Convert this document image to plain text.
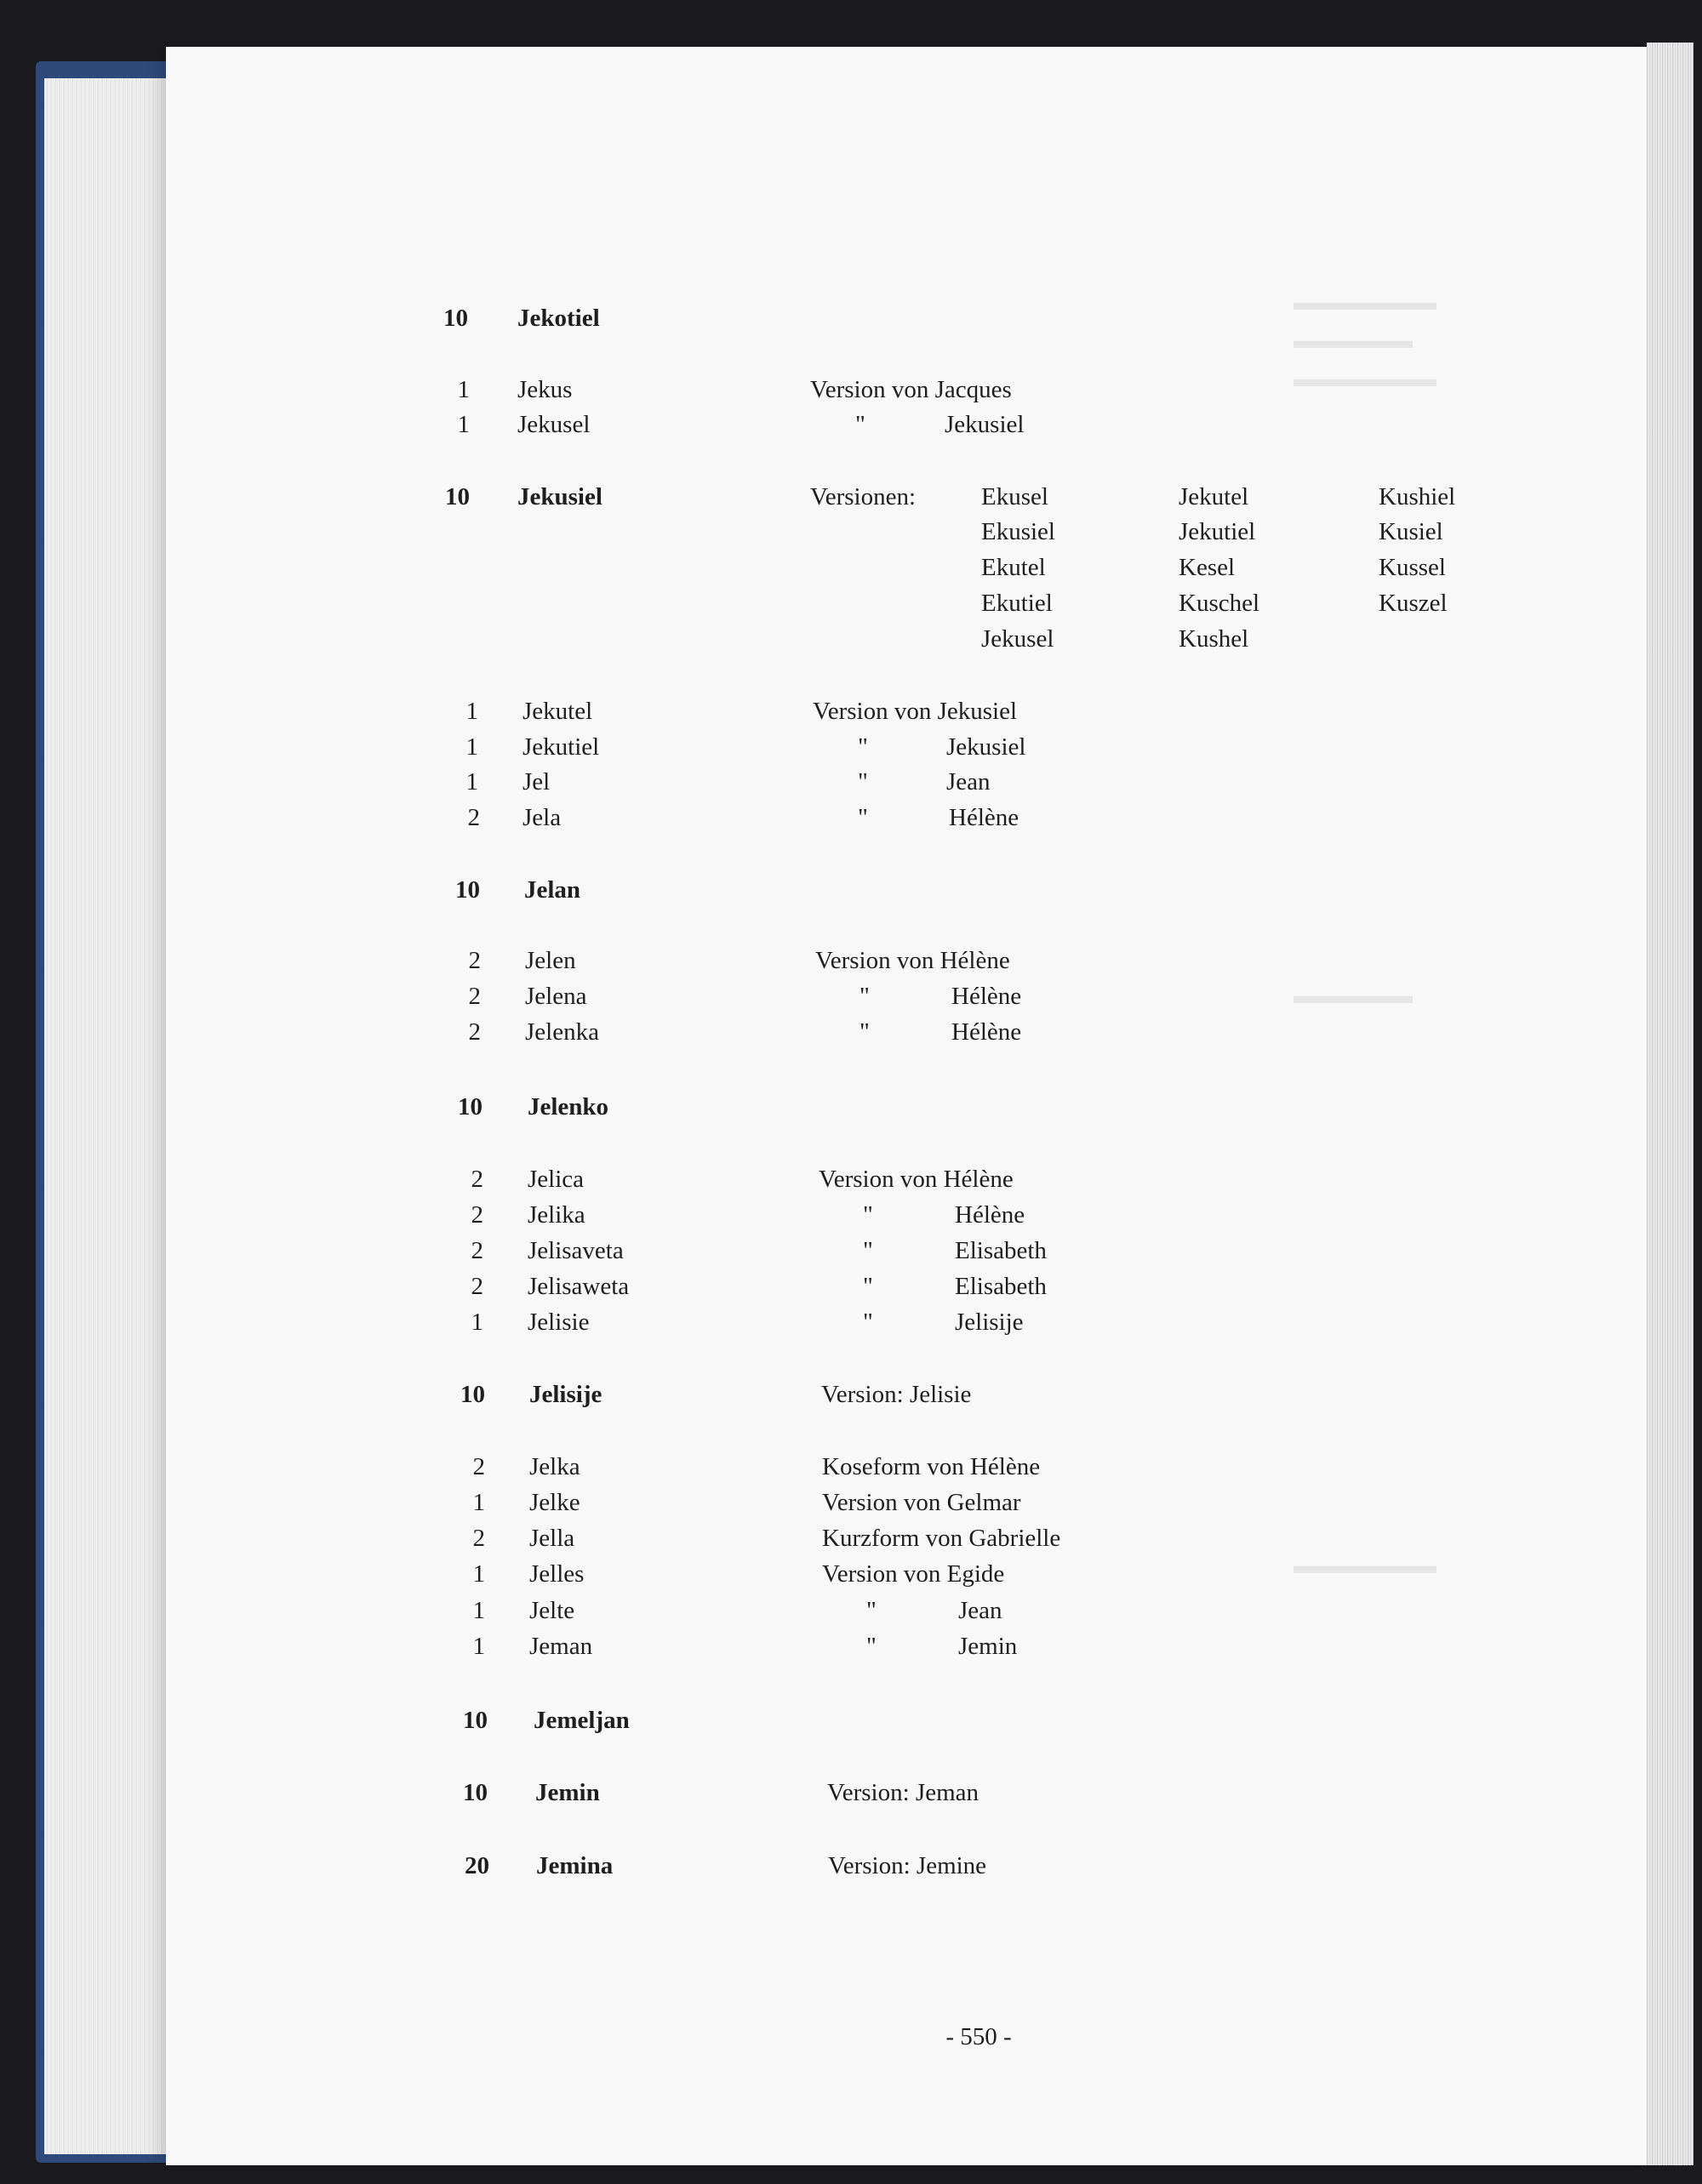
10 Jekotiel
1 Jekus	Version von Jacques
1 Jekusel	"	Jekusiel
10 Jekusiel	Versionen:	Ekusel	Jekutel	Kushiel
Ekusiel	Jekutiel	Kusiel
Ekutel	Kesel	Kussel
Ekutiel	Kuschel	Kuszel
Jekusel	Kushel
1 Jekutel	Version von Jekusiel
1 Jekutiel	"	Jekusiel
1 Jel	"	Jean
2 Jela	"	Hélène
10 Jelan
2 Jelen	Version von Hélène
2 Jelena	"	Hélène
2 Jelenka	"	Hélène
10 Jelenko
2 Jelica	Version von Hélène
2 Jelika	"	Hélène
2 Jelisaveta	"	Elisabeth
2 Jelisaweta	"	Elisabeth
1 Jelisie	"	Jelisije
10 Jelisije	Version: Jelisie
2 Jelka	Koseform von Hélène
1 Jelke	Version von Gelmar
2 Jella	Kurzform von Gabrielle
1 Jelles	Version von Egide
1 Jelte	"	Jean
1 Jeman	"	Jemin
10 Jemeljan
10 Jemin	Version: Jeman
20 Jemina	Version: Jemine
- 550 -
